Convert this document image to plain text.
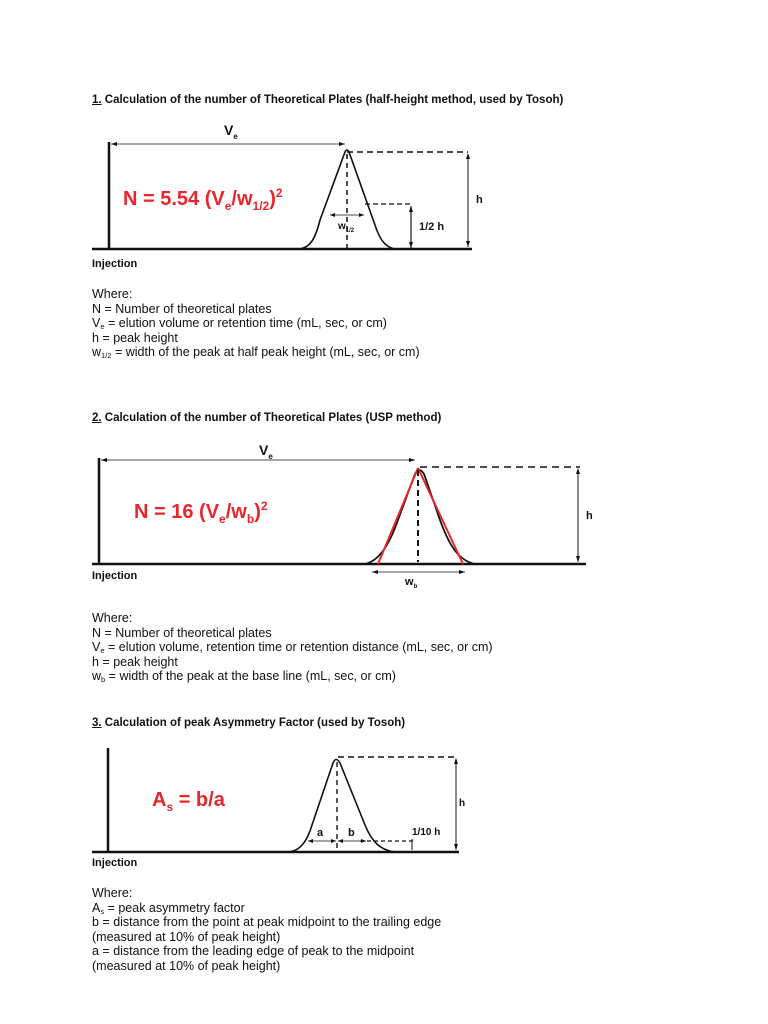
1. Calculation of the number of Theoretical Plates (half-height method, used by Tosoh)
$V_e$
N = 5.54 $(V_e/w_{1/2})^2$	h
1/2 h
$w_{1/2}$
Injection
Where:
N = Number of theoretical plates
$V_e$ = elution volume or retention time (mL, sec, or cm)
h = peak height
$w_{1/2}$ = width of the peak at half peak height (mL, sec, or cm)
2. Calculation of the number of Theoretical Plates (USP method)
$V_e$
N = 16 $(V_e/w_b)^2$
h
$w_b$
Injection
Where:
N = Number of theoretical plates
$V_e$ = elution volume, retention time or retention distance (mL, sec, or cm)
h = peak height
$w_b$ = width of the peak at the base line (mL, sec, or cm)
3. Calculation of peak Asymmetry Factor (used by Tosoh)
$A_s = b/a$	h
1/10 h
a b
Injection
Where:
$A_s$ = peak asymmetry factor
b = distance from the point at peak midpoint to the trailing edge
(measured at 10% of peak height)
a = distance from the leading edge of peak to the midpoint
(measured at 10% of peak height)
